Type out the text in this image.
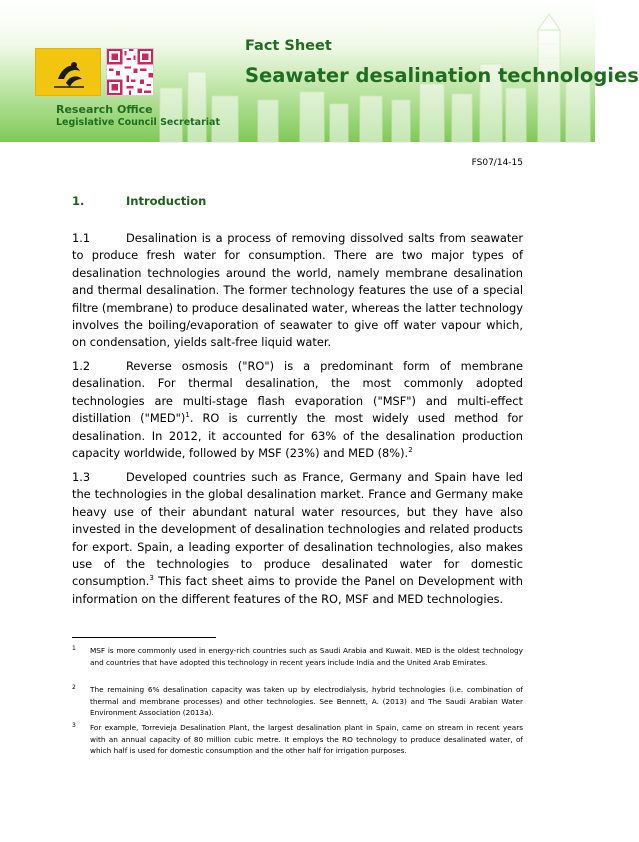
Fact Sheet
Seawater desalination technologies
Research Office
Legislative Council Secretariat
FS07/14-15
1.	Introduction
1.1	Desalination is a process of removing dissolved salts from seawater to produce fresh water for consumption. There are two major types of desalination technologies around the world, namely membrane desalination and thermal desalination. The former technology features the use of a special filtre (membrane) to produce desalinated water, whereas the latter technology involves the boiling/evaporation of seawater to give off water vapour which, on condensation, yields salt-free liquid water.
1.2	Reverse osmosis ("RO") is a predominant form of membrane desalination. For thermal desalination, the most commonly adopted technologies are multi-stage flash evaporation ("MSF") and multi-effect distillation ("MED")$^1$. RO is currently the most widely used method for desalination. In 2012, it accounted for 63% of the desalination production capacity worldwide, followed by MSF (23%) and MED (8%).$^2$
1.3	Developed countries such as France, Germany and Spain have led the technologies in the global desalination market. France and Germany make heavy use of their abundant natural water resources, but they have also invested in the development of desalination technologies and related products for export. Spain, a leading exporter of desalination technologies, also makes use of the technologies to produce desalinated water for domestic consumption.$^3$ This fact sheet aims to provide the Panel on Development with information on the different features of the RO, MSF and MED technologies.
1 MSF is more commonly used in energy-rich countries such as Saudi Arabia and Kuwait. MED is the oldest technology and countries that have adopted this technology in recent years include India and the United Arab Emirates.
2 The remaining 6% desalination capacity was taken up by electrodialysis, hybrid technologies (i.e. combination of thermal and membrane processes) and other technologies. See Bennett, A. (2013) and The Saudi Arabian Water Environment Association (2013a).
3 For example, Torrevieja Desalination Plant, the largest desalination plant in Spain, came on stream in recent years with an annual capacity of 80 million cubic metre. It employs the RO technology to produce desalinated water, of which half is used for domestic consumption and the other half for irrigation purposes.
